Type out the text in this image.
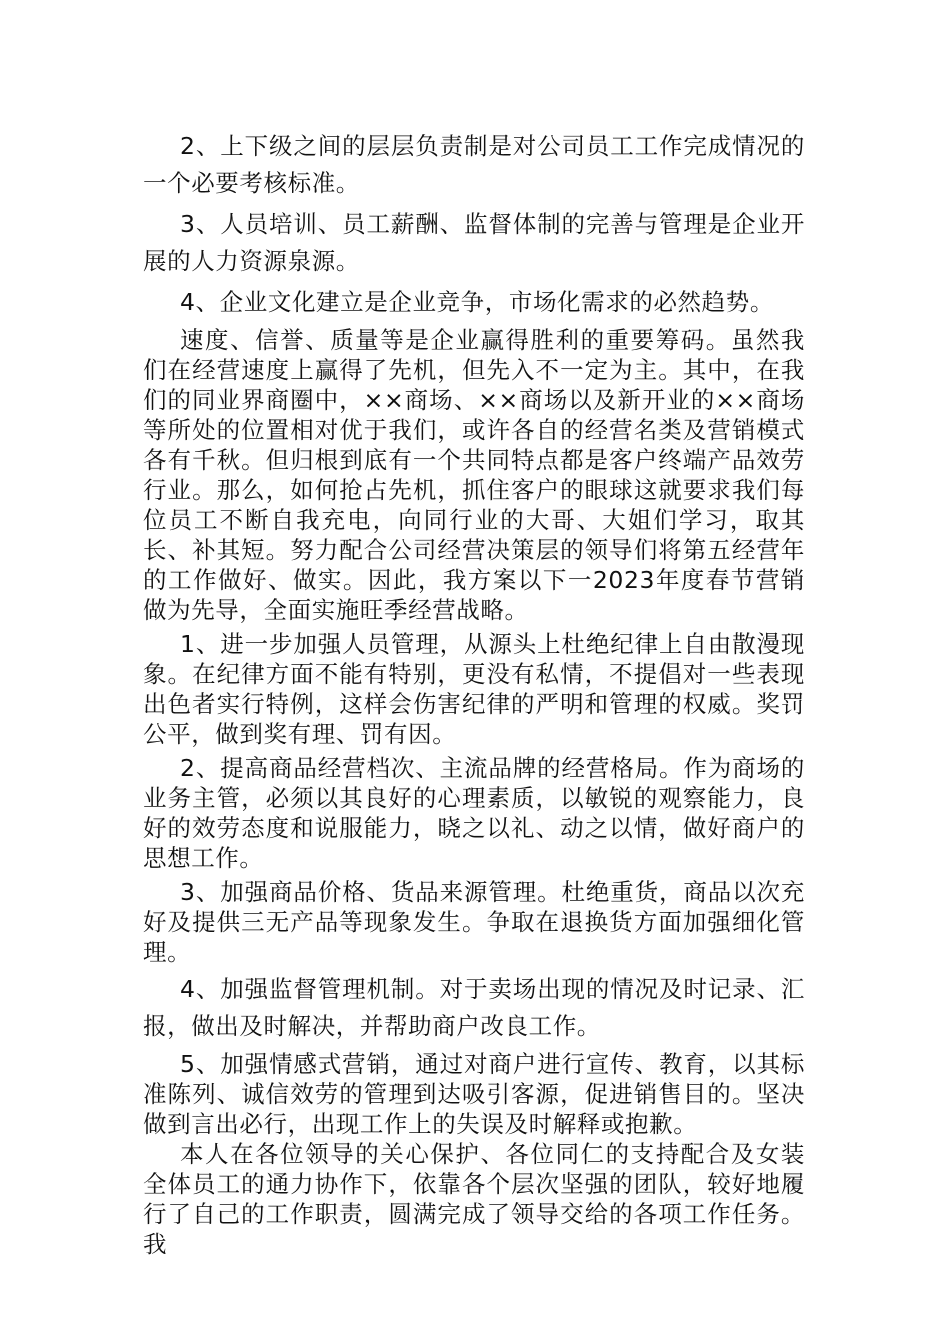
2、上下级之间的层层负责制是对公司员工工作完成情况的一个必要考核标准。

3、人员培训、员工薪酬、监督体制的完善与管理是企业开展的人力资源泉源。

4、企业文化建立是企业竞争，市场化需求的必然趋势。

速度、信誉、质量等是企业赢得胜利的重要筹码。虽然我们在经营速度上赢得了先机，但先入不一定为主。其中，在我们的同业界商圈中，××商场、××商场以及新开业的××商场等所处的位置相对优于我们，或许各自的经营名类及营销模式各有千秋。但归根到底有一个共同特点都是客户终端产品效劳行业。那么，如何抢占先机，抓住客户的眼球这就要求我们每位员工不断自我充电，向同行业的大哥、大姐们学习，取其长、补其短。努力配合公司经营决策层的领导们将第五经营年的工作做好、做实。因此，我方案以下一2023年度春节营销做为先导，全面实施旺季经营战略。

1、进一步加强人员管理，从源头上杜绝纪律上自由散漫现象。在纪律方面不能有特别，更没有私情，不提倡对一些表现出色者实行特例，这样会伤害纪律的严明和管理的权威。奖罚公平，做到奖有理、罚有因。

2、提高商品经营档次、主流品牌的经营格局。作为商场的业务主管，必须以其良好的心理素质，以敏锐的观察能力，良好的效劳态度和说服能力，晓之以礼、动之以情，做好商户的思想工作。

3、加强商品价格、货品来源管理。杜绝重货，商品以次充好及提供三无产品等现象发生。争取在退换货方面加强细化管理。

4、加强监督管理机制。对于卖场出现的情况及时记录、汇报，做出及时解决，并帮助商户改良工作。

5、加强情感式营销，通过对商户进行宣传、教育，以其标准陈列、诚信效劳的管理到达吸引客源，促进销售目的。坚决做到言出必行，出现工作上的失误及时解释或抱歉。

本人在各位领导的关心保护、各位同仁的支持配合及女装全体员工的通力协作下，依靠各个层次坚强的团队，较好地履行了自己的工作职责，圆满完成了领导交给的各项工作任务。我
